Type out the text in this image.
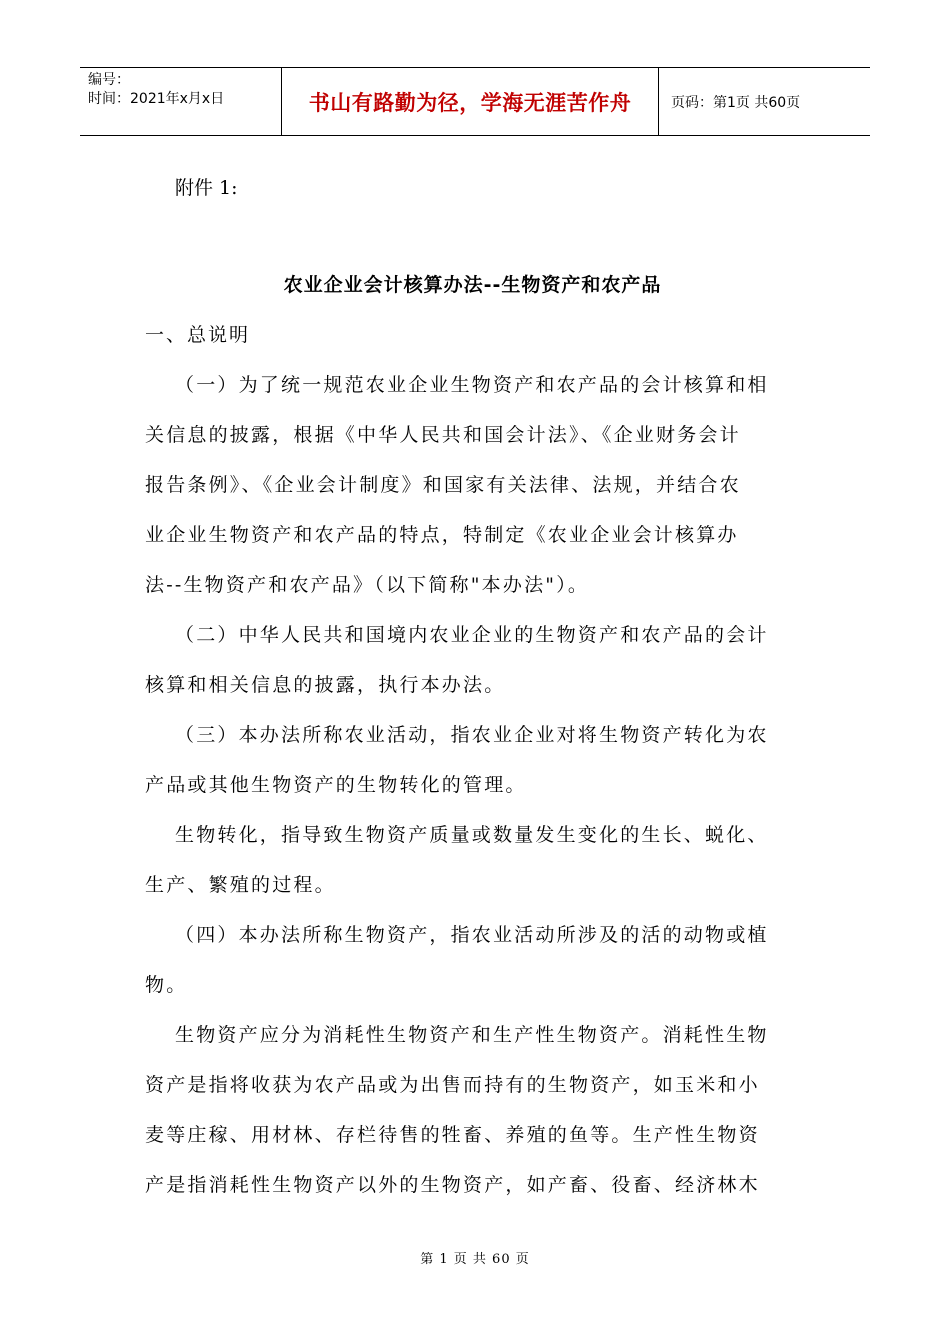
编号：
时间：2021年x月x日	书山有路勤为径，学海无涯苦作舟	页码：第1页 共60页
附件 1:
农业企业会计核算办法--生物资产和农产品
一、总说明
（一）为了统一规范农业企业生物资产和农产品的会计核算和相
关信息的披露，根据《中华人民共和国会计法》、《企业财务会计
报告条例》、《企业会计制度》和国家有关法律、法规，并结合农
业企业生物资产和农产品的特点，特制定《农业企业会计核算办
法--生物资产和农产品》（以下简称"本办法"）。
（二）中华人民共和国境内农业企业的生物资产和农产品的会计
核算和相关信息的披露，执行本办法。
（三）本办法所称农业活动，指农业企业对将生物资产转化为农
产品或其他生物资产的生物转化的管理。
生物转化，指导致生物资产质量或数量发生变化的生长、蜕化、
生产、繁殖的过程。
（四）本办法所称生物资产，指农业活动所涉及的活的动物或植
物。
生物资产应分为消耗性生物资产和生产性生物资产。消耗性生物
资产是指将收获为农产品或为出售而持有的生物资产，如玉米和小
麦等庄稼、用材林、存栏待售的牲畜、养殖的鱼等。生产性生物资
产是指消耗性生物资产以外的生物资产，如产畜、役畜、经济林木
第 1 页 共 60 页
